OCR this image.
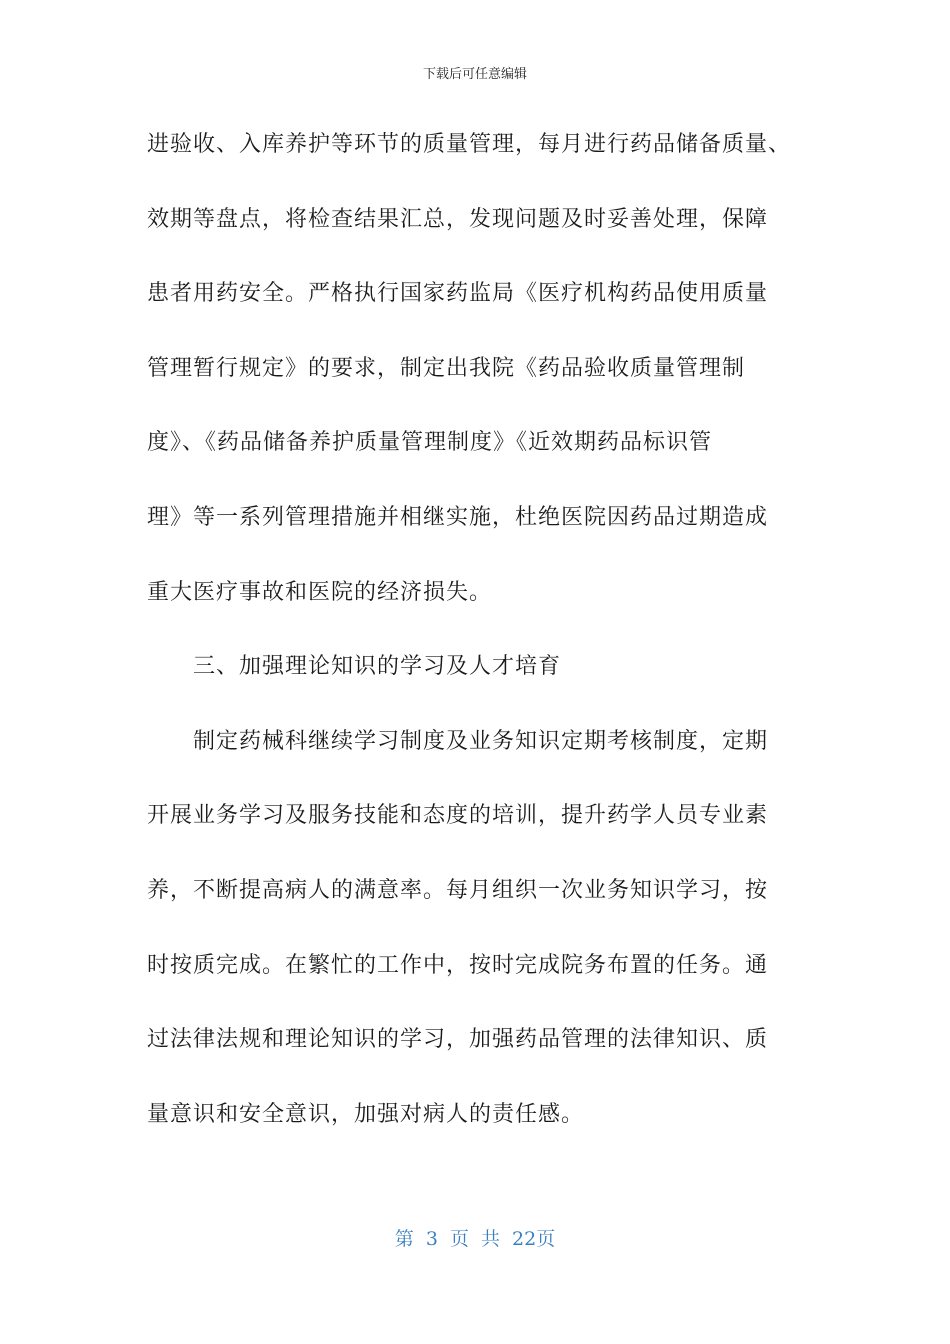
下载后可任意编辑
进验收、入库养护等环节的质量管理，每月进行药品储备质量、
效期等盘点，将检查结果汇总，发现问题及时妥善处理，保障
患者用药安全。严格执行国家药监局《医疗机构药品使用质量
管理暂行规定》的要求，制定出我院《药品验收质量管理制
度》、《药品储备养护质量管理制度》《近效期药品标识管
理》等一系列管理措施并相继实施，杜绝医院因药品过期造成
重大医疗事故和医院的经济损失。
三、加强理论知识的学习及人才培育
制定药械科继续学习制度及业务知识定期考核制度，定期
开展业务学习及服务技能和态度的培训，提升药学人员专业素
养，不断提高病人的满意率。每月组织一次业务知识学习，按
时按质完成。在繁忙的工作中，按时完成院务布置的任务。通
过法律法规和理论知识的学习，加强药品管理的法律知识、质
量意识和安全意识，加强对病人的责任感。
第 3 页 共 22页
